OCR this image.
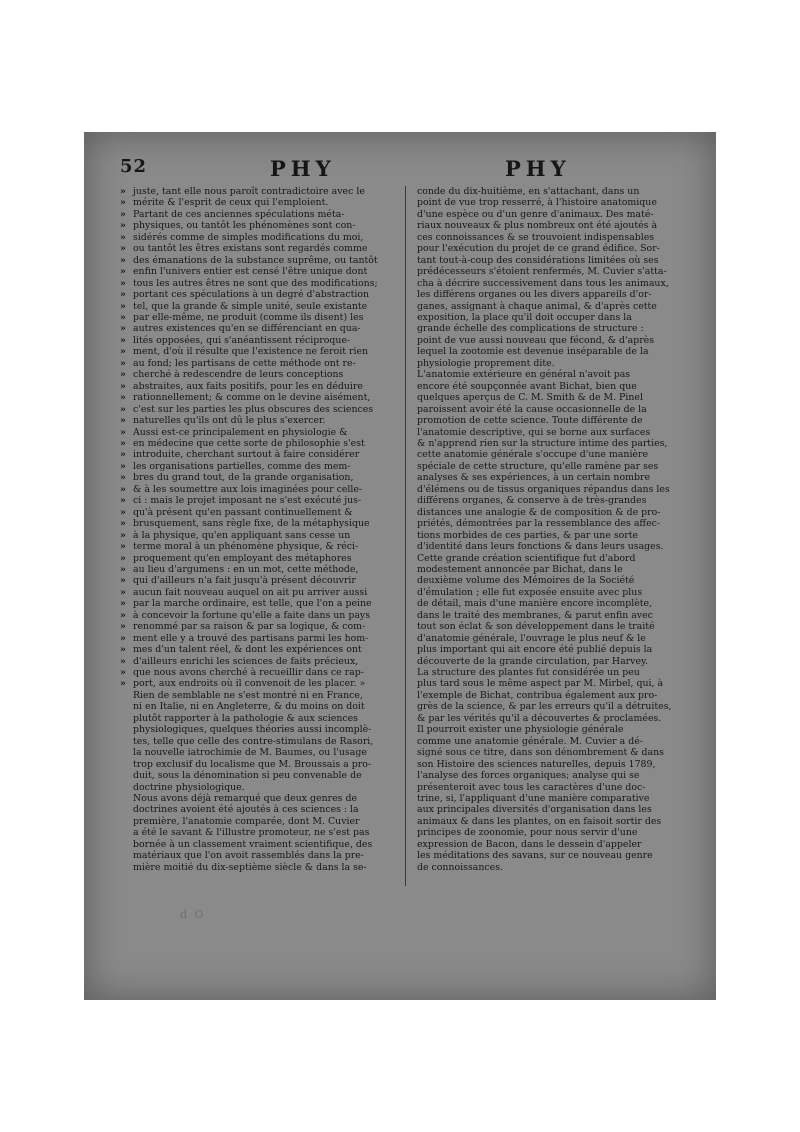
52	PHY	PHY
» juste, tant elle nous paroît contradictoire avec le
» mérite & l'esprit de ceux qui l'emploient.
» Partant de ces anciennes spéculations méta-
» physiques, ou tantôt les phénomènes sont con-
» sidérés comme de simples modifications du moi,
» ou tantôt les êtres existans sont regardés comme
» des émanations de la substance suprême, ou tantôt
» enfin l'univers entier est censé l'être unique dont
» tous les autres êtres ne sont que des modifications;
» portant ces spéculations à un degré d'abstraction
» tel, que la grande & simple unité, seule existante
» par elle-même, ne produit (comme ils disent) les
» autres existences qu'en se différenciant en qua-
» lités opposées, qui s'anéantissent réciproque-
» ment, d'où il résulte que l'existence ne feroit rien
» au fond; les partisans de cette méthode ont re-
» cherché à redescendre de leurs conceptions
» abstraites, aux faits positifs, pour les en déduire
» rationnellement; & comme on le devine aisément,
» c'est sur les parties les plus obscures des sciences
» naturelles qu'ils ont dû le plus s'exercer.
» Aussi est-ce principalement en physiologie &
» en médecine que cette sorte de philosophie s'est
» introduite, cherchant surtout à faire considérer
» les organisations partielles, comme des mem-
» bres du grand tout, de la grande organisation,
» & à les soumettre aux lois imaginées pour celle-
» ci : mais le projet imposant ne s'est exécuté jus-
» qu'à présent qu'en passant continuellement &
» brusquement, sans règle fixe, de la métaphysique
» à la physique, qu'en appliquant sans cesse un
» terme moral à un phénomène physique, & réci-
» proquement qu'en employant des métaphores
» au lieu d'argumens : en un mot, cette méthode,
» qui d'ailleurs n'a fait jusqu'à présent découvrir
» aucun fait nouveau auquel on ait pu arriver aussi
» par la marche ordinaire, est telle, que l'on a peine
» à concevoir la fortune qu'elle a faite dans un pays
» renommé par sa raison & par sa logique, & com-
» ment elle y a trouvé des partisans parmi les hom-
» mes d'un talent réel, & dont les expériences ont
» d'ailleurs enrichi les sciences de faits précieux,
» que nous avons cherché à recueillir dans ce rap-
» port, aux endroits où il convenoit de les placer. »
Rien de semblable ne s'est montré ni en France,
ni en Italie, ni en Angleterre, & du moins on doit
plutôt rapporter à la pathologie & aux sciences
physiologiques, quelques théories aussi incomplè-
tes, telle que celle des contre-stimulans de Rasori,
la nouvelle iatrochimie de M. Baumes, ou l'usage
trop exclusif du localisme que M. Broussais a pro-
duit, sous la dénomination si peu convenable de
doctrine physiologique.
Nous avons déjà remarqué que deux genres de
doctrines avoient été ajoutés à ces sciences : la
première, l'anatomie comparée, dont M. Cuvier
a été le savant & l'illustre promoteur, ne s'est pas
bornée à un classement vraiment scientifique, des
matériaux que l'on avoit rassemblés dans la pre-
mière moitié du dix-septième siècle & dans la se-
conde du dix-huitième, en s'attachant, dans un
point de vue trop resserré, à l'histoire anatomique
d'une espèce ou d'un genre d'animaux. Des maté-
riaux nouveaux & plus nombreux ont été ajoutés à
ces connoissances & se trouvoient indispensables
pour l'exécution du projet de ce grand édifice. Sor-
tant tout-à-coup des considérations limitées où ses
prédécesseurs s'étoient renfermés, M. Cuvier s'atta-
cha à décrire successivement dans tous les animaux,
les différens organes ou les divers appareils d'or-
ganes, assignant à chaque animal, & d'après cette
exposition, la place qu'il doit occuper dans la
grande échelle des complications de structure :
point de vue aussi nouveau que fécond, & d'après
lequel la zootomie est devenue inséparable de la
physiologie proprement dite.
L'anatomie extérieure en général n'avoit pas
encore été soupçonnée avant Bichat, bien que
quelques aperçus de C. M. Smith & de M. Pinel
paroissent avoir été la cause occasionnelle de la
promotion de cette science. Toute différente de
l'anatomie descriptive, qui se borne aux surfaces
& n'apprend rien sur la structure intime des parties,
cette anatomie générale s'occupe d'une manière
spéciale de cette structure, qu'elle ramène par ses
analyses & ses expériences, à un certain nombre
d'élémens ou de tissus organiques répandus dans les
différens organes, & conserve à de très-grandes
distances une analogie & de composition & de pro-
priétés, démontrées par la ressemblance des affec-
tions morbides de ces parties, & par une sorte
d'identité dans leurs fonctions & dans leurs usages.
Cette grande création scientifique fut d'abord
modestement annoncée par Bichat, dans le
deuxième volume des Mémoires de la Société
d'émulation ; elle fut exposée ensuite avec plus
de détail, mais d'une manière encore incomplète,
dans le traité des membranes, & parut enfin avec
tout son éclat & son développement dans le traité
d'anatomie générale, l'ouvrage le plus neuf & le
plus important qui ait encore été publié depuis la
découverte de la grande circulation, par Harvey.
La structure des plantes fut considérée un peu
plus tard sous le même aspect par M. Mirbel, qui, à
l'exemple de Bichat, contribua également aux pro-
grès de la science, & par les erreurs qu'il a détruites,
& par les vérités qu'il a découvertes & proclamées.
Il pourroit exister une physiologie générale
comme une anatomie générale. M. Cuvier a dé-
signé sous ce titre, dans son dénombrement & dans
son Histoire des sciences naturelles, depuis 1789,
l'analyse des forces organiques; analyse qui se
présenteroit avec tous les caractères d'une doc-
trine, si, l'appliquant d'une manière comparative
aux principales diversités d'organisation dans les
animaux & dans les plantes, on en faisoit sortir des
principes de zoonomie, pour nous servir d'une
expression de Bacon, dans le dessein d'appeler
les méditations des savans, sur ce nouveau genre
de connoissances.
d O
